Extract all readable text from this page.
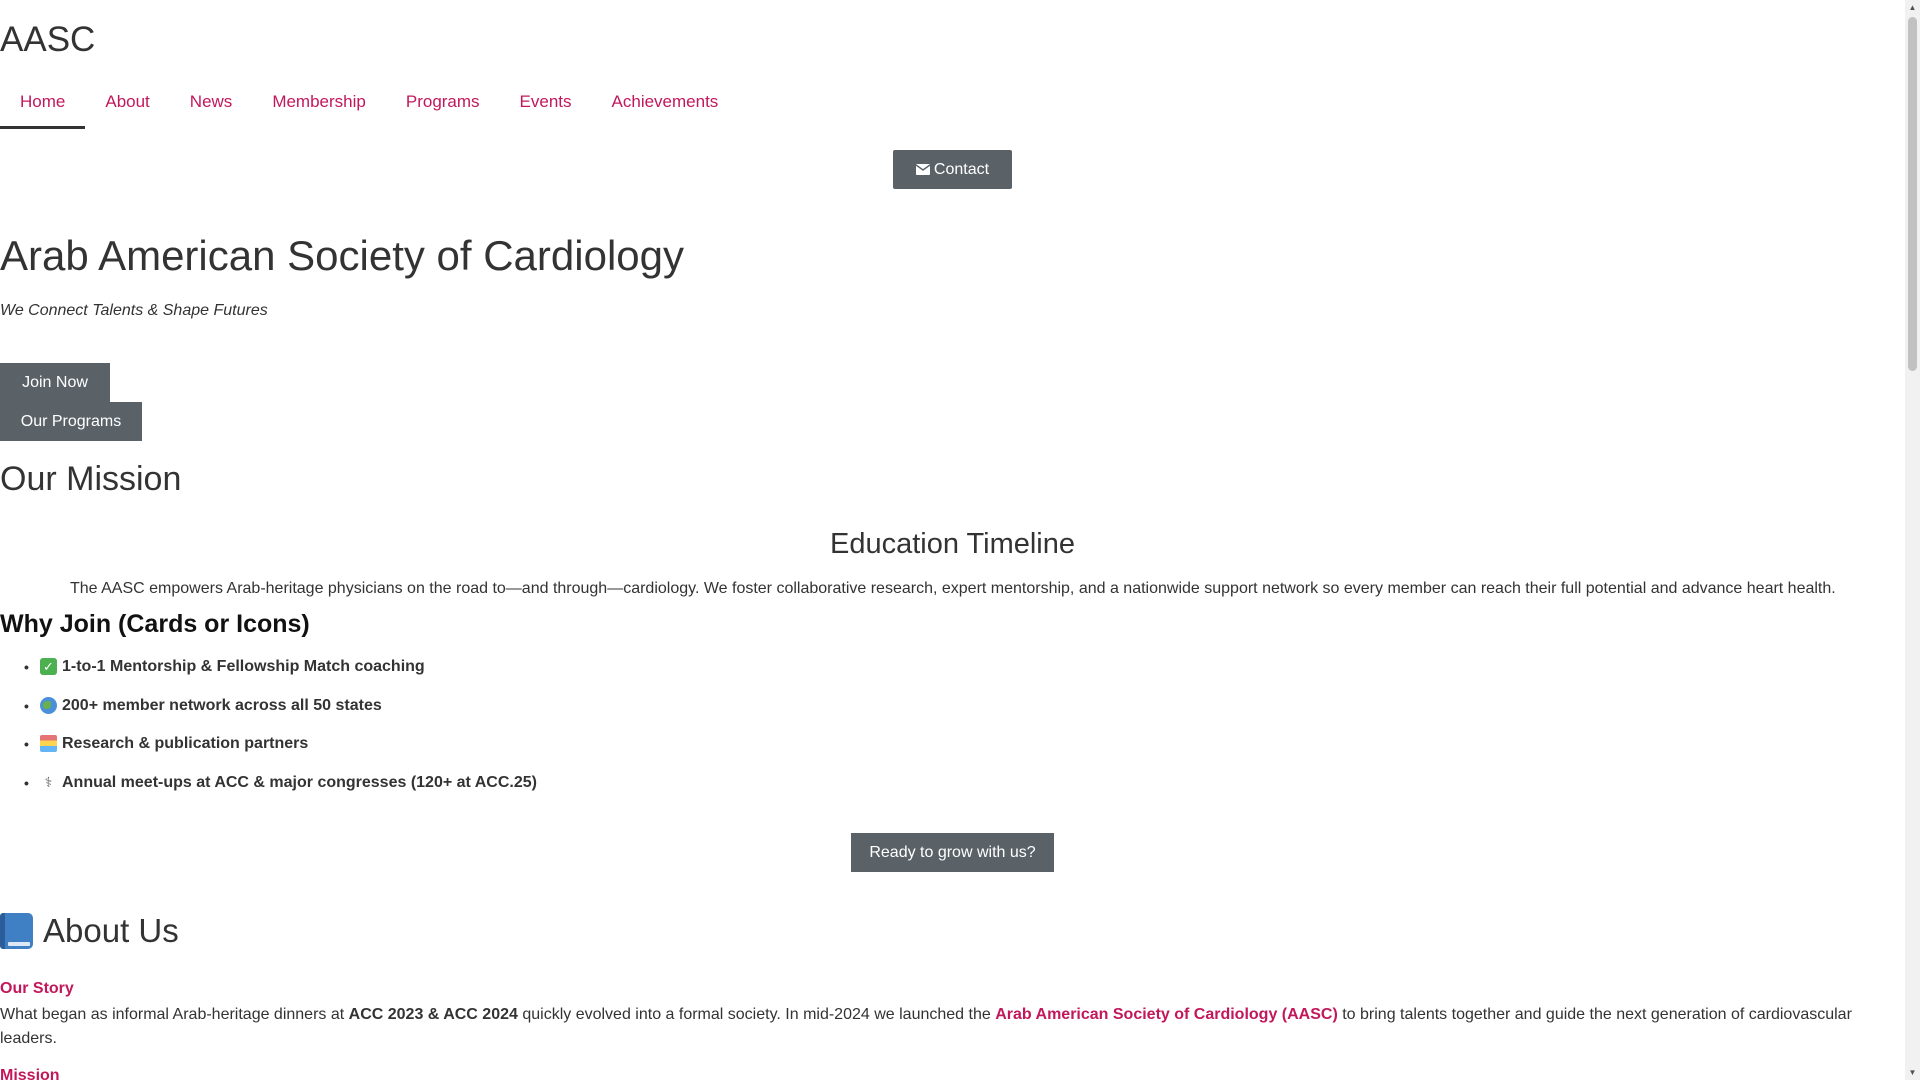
AASC
Home	About	News	Membership	Programs	Events	Achievements
Contact
Arab American Society of Cardiology

We Connect Talents & Shape Futures

Join Now
Our Programs
Our Mission
Education Timeline

The AASC empowers Arab-heritage physicians on the road to—and through—cardiology. We foster collaborative research, expert mentorship, and a nationwide support network so every member can reach their full potential and advance heart health.

Why Join (Cards or Icons)
• ✓ 1-to-1 Mentorship & Fellowship Match coaching
• 200+ member network across all 50 states
• Research & publication partners
• ⚕ Annual meet-ups at ACC & major congresses (120+ at ACC.25)
Ready to grow with us?
About Us
Our Story

What began as informal Arab-heritage dinners at ACC 2023 & ACC 2024 quickly evolved into a formal society. In mid-2024 we launched the Arab American Society of Cardiology (AASC) to bring talents together and guide the next generation of cardiovascular leaders.

Mission
▲
▼
